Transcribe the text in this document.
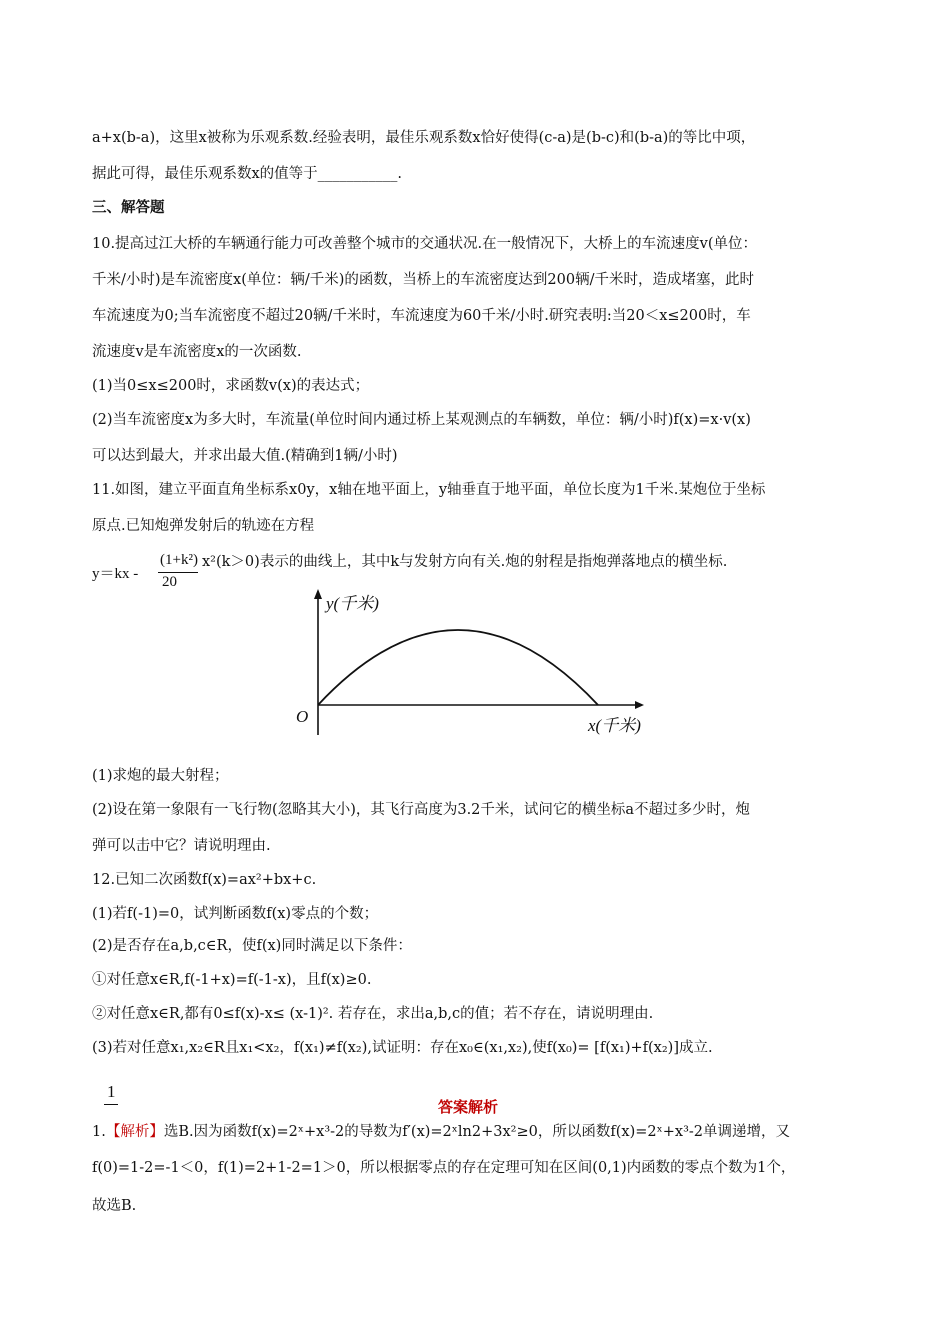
a+x(b-a)，这里x被称为乐观系数.经验表明，最佳乐观系数x恰好使得(c-a)是(b-c)和(b-a)的等比中项，
据此可得，最佳乐观系数x的值等于___________.
三、解答题
10.提高过江大桥的车辆通行能力可改善整个城市的交通状况.在一般情况下，大桥上的车流速度v(单位：
千米/小时)是车流密度x(单位：辆/千米)的函数，当桥上的车流密度达到200辆/千米时，造成堵塞，此时
车流速度为0;当车流密度不超过20辆/千米时，车流速度为60千米/小时.研究表明:当20＜x≤200时，车
流速度v是车流密度x的一次函数.
(1)当0≤x≤200时，求函数v(x)的表达式；
(2)当车流密度x为多大时，车流量(单位时间内通过桥上某观测点的车辆数，单位：辆/小时)f(x)=x·v(x)
可以达到最大，并求出最大值.(精确到1辆/小时)
11.如图，建立平面直角坐标系x0y，x轴在地平面上，y轴垂直于地平面，单位长度为1千米.某炮位于坐标
原点.已知炮弹发射后的轨迹在方程
y＝kx -
(1+k²)
20
x²(k＞0)表示的曲线上，其中k与发射方向有关.炮的射程是指炮弹落地点的横坐标.
y(千米)
x(千米)
O
(1)求炮的最大射程；
(2)设在第一象限有一飞行物(忽略其大小)，其飞行高度为3.2千米，试问它的横坐标a不超过多少时，炮
弹可以击中它？请说明理由.
12.已知二次函数f(x)=ax²+bx+c.
(1)若f(-1)=0，试判断函数f(x)零点的个数；
(2)是否存在a,b,c∈R，使f(x)同时满足以下条件：
①对任意x∈R,f(-1+x)=f(-1-x)，且f(x)≥0.
②对任意x∈R,都有0≤f(x)-x≤ (x-1)². 若存在，求出a,b,c的值；若不存在，请说明理由.
(3)若对任意x₁,x₂∈R且x₁<x₂，f(x₁)≠f(x₂),试证明：存在x₀∈(x₁,x₂),使f(x₀)= [f(x₁)+f(x₂)]成立.
1
答案解析
1.【解析】选B.因为函数f(x)=2ˣ+x³-2的导数为f′(x)=2ˣln2+3x²≥0，所以函数f(x)=2ˣ+x³-2单调递增，又
f(0)=1-2=-1＜0，f(1)=2+1-2=1＞0，所以根据零点的存在定理可知在区间(0,1)内函数的零点个数为1个，
故选B.
